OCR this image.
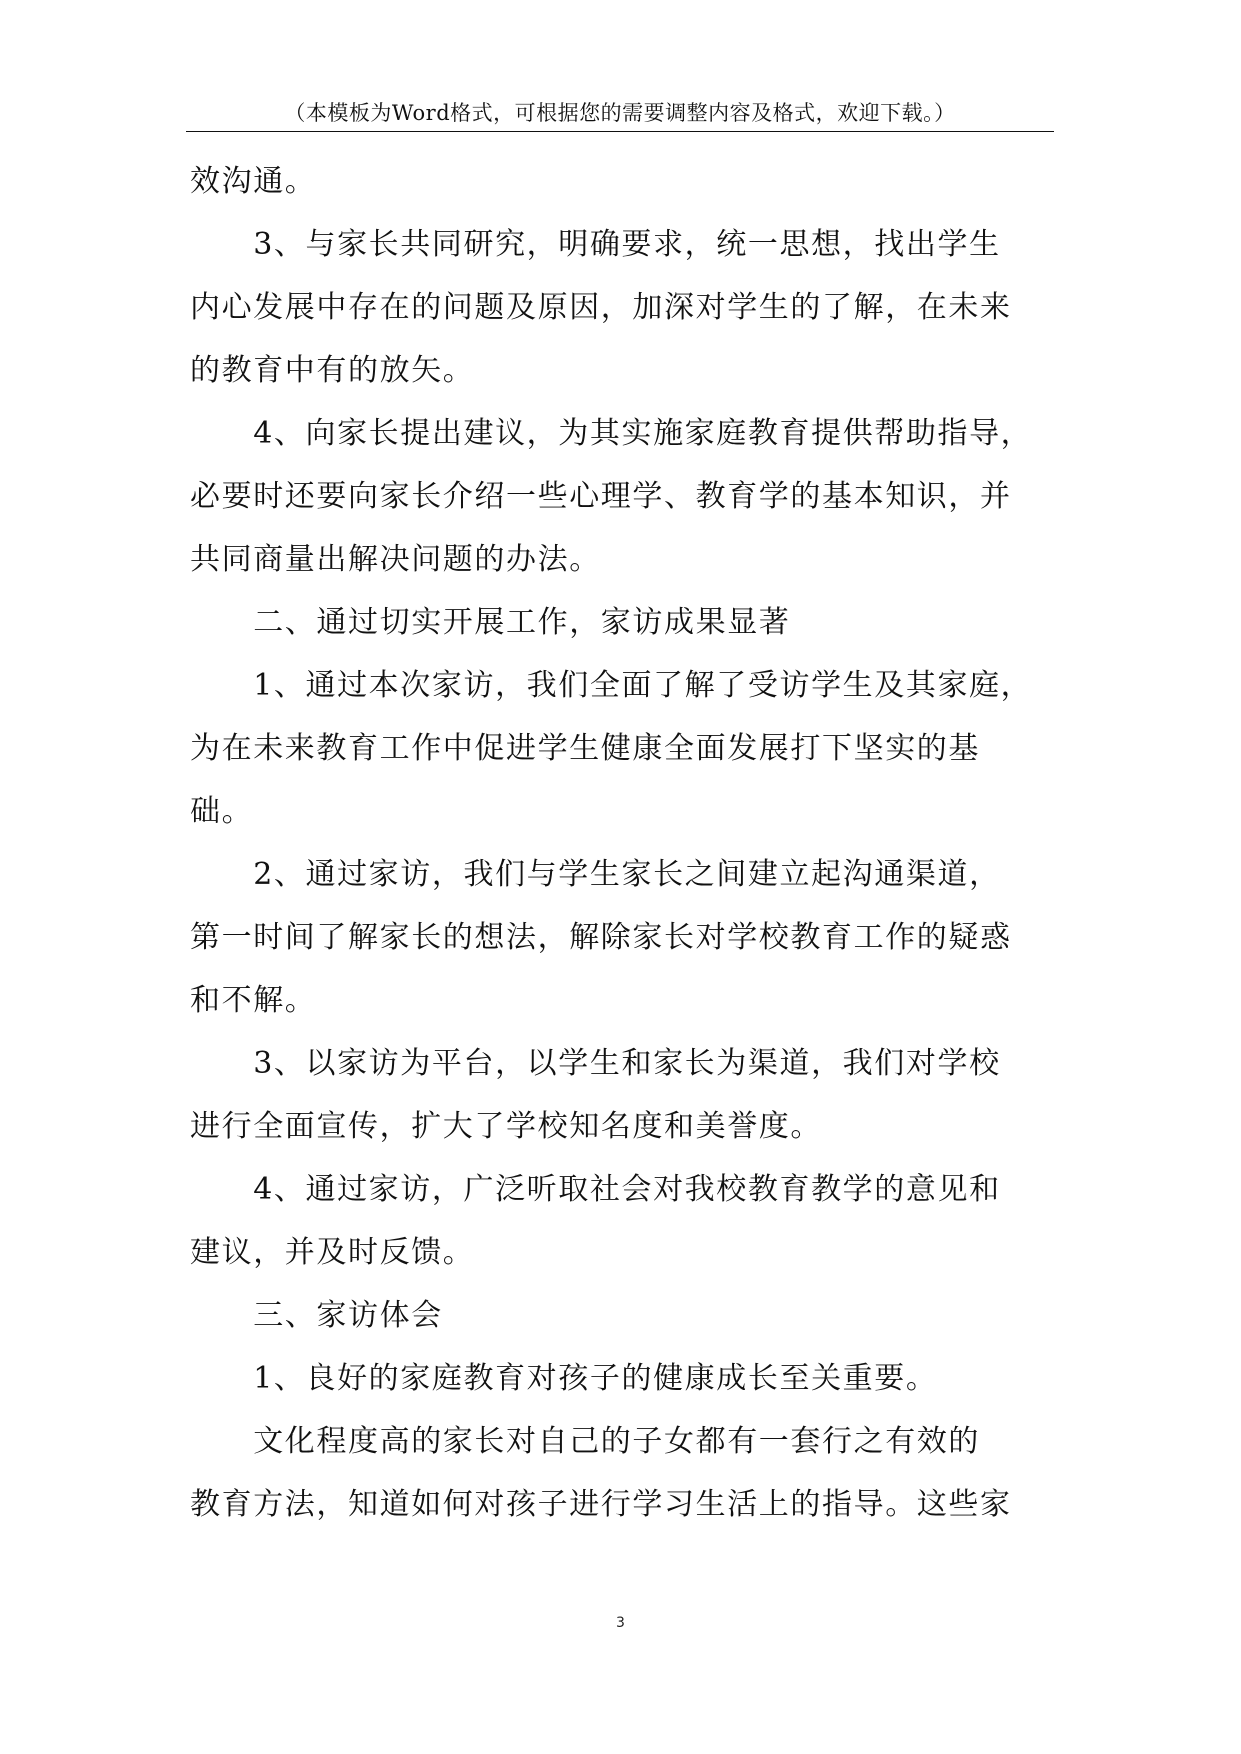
（本模板为Word格式，可根据您的需要调整内容及格式，欢迎下载。）

效沟通。

　　3、与家长共同研究，明确要求，统一思想，找出学生
内心发展中存在的问题及原因，加深对学生的了解，在未来
的教育中有的放矢。

　　4、向家长提出建议，为其实施家庭教育提供帮助指导，
必要时还要向家长介绍一些心理学、教育学的基本知识，并
共同商量出解决问题的办法。

　　二、通过切实开展工作，家访成果显著

　　1、通过本次家访，我们全面了解了受访学生及其家庭，
为在未来教育工作中促进学生健康全面发展打下坚实的基
础。

　　2、通过家访，我们与学生家长之间建立起沟通渠道，
第一时间了解家长的想法，解除家长对学校教育工作的疑惑
和不解。

　　3、以家访为平台，以学生和家长为渠道，我们对学校
进行全面宣传，扩大了学校知名度和美誉度。

　　4、通过家访，广泛听取社会对我校教育教学的意见和
建议，并及时反馈。

　　三、家访体会

　　1、良好的家庭教育对孩子的健康成长至关重要。

　　文化程度高的家长对自己的子女都有一套行之有效的
教育方法，知道如何对孩子进行学习生活上的指导。这些家

3
